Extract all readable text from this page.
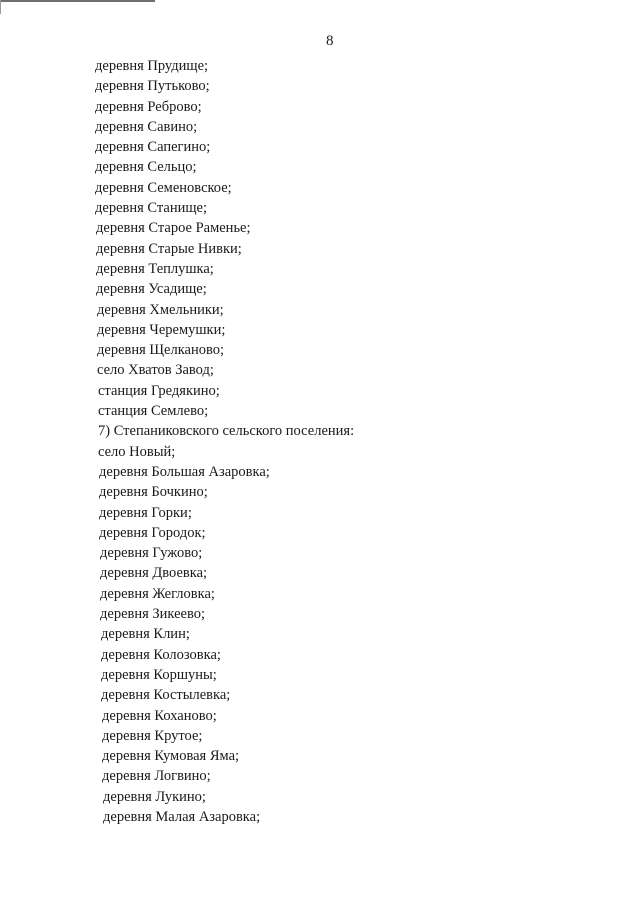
8
деревня Прудище;
деревня Путьково;
деревня Реброво;
деревня Савино;
деревня Сапегино;
деревня Сельцо;
деревня Семеновское;
деревня Станище;
деревня Старое Раменье;
деревня Старые Нивки;
деревня Теплушка;
деревня Усадище;
деревня Хмельники;
деревня Черемушки;
деревня Щелканово;
село Хватов Завод;
станция Гредякино;
станция Семлево;
7) Степаниковского сельского поселения:
село Новый;
деревня Большая Азаровка;
деревня Бочкино;
деревня Горки;
деревня Городок;
деревня Гужово;
деревня Двоевка;
деревня Жегловка;
деревня Зикеево;
деревня Клин;
деревня Колозовка;
деревня Коршуны;
деревня Костылевка;
деревня Коханово;
деревня Крутое;
деревня Кумовая Яма;
деревня Логвино;
деревня Лукино;
деревня Малая Азаровка;
